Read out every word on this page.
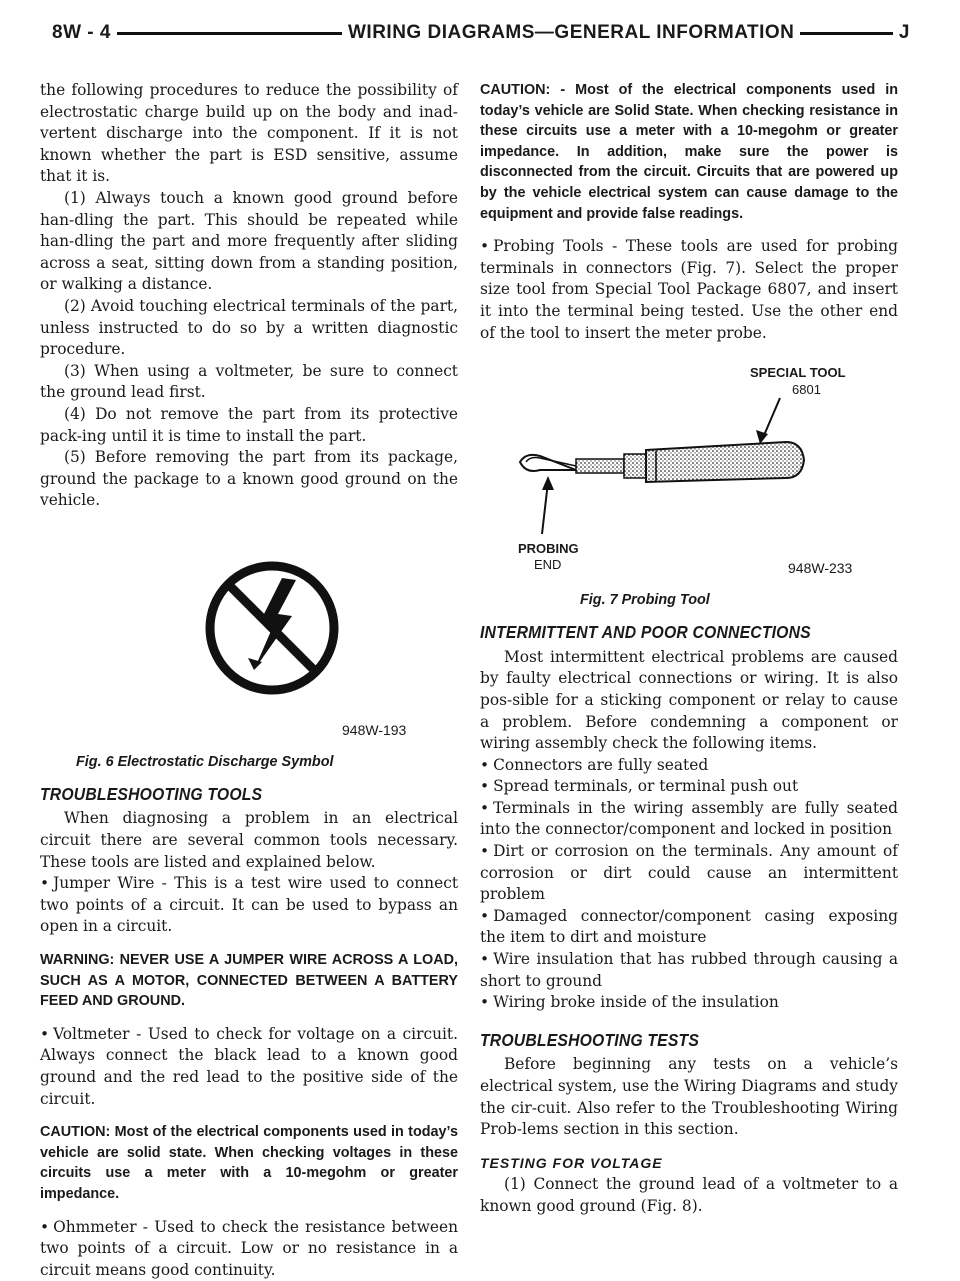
8W - 4	WIRING DIAGRAMS—GENERAL INFORMATION	J

the following procedures to reduce the possibility of electrostatic charge build up on the body and inad-vertent discharge into the component. If it is not known whether the part is ESD sensitive, assume that it is.

(1) Always touch a known good ground before han-dling the part. This should be repeated while han-dling the part and more frequently after sliding across a seat, sitting down from a standing position, or walking a distance.

(2) Avoid touching electrical terminals of the part, unless instructed to do so by a written diagnostic procedure.

(3) When using a voltmeter, be sure to connect the ground lead first.

(4) Do not remove the part from its protective pack-ing until it is time to install the part.

(5) Before removing the part from its package, ground the package to a known good ground on the vehicle.

948W-193
Fig. 6 Electrostatic Discharge Symbol
TROUBLESHOOTING TOOLS

When diagnosing a problem in an electrical circuit there are several common tools necessary. These tools are listed and explained below.

• Jumper Wire - This is a test wire used to connect two points of a circuit. It can be used to bypass an open in a circuit.

WARNING: NEVER USE A JUMPER WIRE ACROSS A LOAD, SUCH AS A MOTOR, CONNECTED BETWEEN A BATTERY FEED AND GROUND.

• Voltmeter - Used to check for voltage on a circuit. Always connect the black lead to a known good ground and the red lead to the positive side of the circuit.

CAUTION: Most of the electrical components used in today’s vehicle are solid state. When checking voltages in these circuits use a meter with a 10-megohm or greater impedance.

• Ohmmeter - Used to check the resistance between two points of a circuit. Low or no resistance in a circuit means good continuity.

CAUTION: - Most of the electrical components used in today’s vehicle are Solid State. When checking resistance in these circuits use a meter with a 10-megohm or greater impedance. In addition, make sure the power is disconnected from the circuit. Circuits that are powered up by the vehicle electrical system can cause damage to the equipment and provide false readings.

• Probing Tools - These tools are used for probing terminals in connectors (Fig. 7). Select the proper size tool from Special Tool Package 6807, and insert it into the terminal being tested. Use the other end of the tool to insert the meter probe.

SPECIAL TOOL
6801
PROBING
END	948W-233
Fig. 7 Probing Tool
INTERMITTENT AND POOR CONNECTIONS

Most intermittent electrical problems are caused by faulty electrical connections or wiring. It is also pos-sible for a sticking component or relay to cause a problem. Before condemning a component or wiring assembly check the following items.

• Connectors are fully seated

• Spread terminals, or terminal push out

• Terminals in the wiring assembly are fully seated into the connector/component and locked in position

• Dirt or corrosion on the terminals. Any amount of corrosion or dirt could cause an intermittent problem

• Damaged connector/component casing exposing the item to dirt and moisture

• Wire insulation that has rubbed through causing a short to ground

• Wiring broke inside of the insulation

TROUBLESHOOTING TESTS

Before beginning any tests on a vehicle’s electrical system, use the Wiring Diagrams and study the cir-cuit. Also refer to the Troubleshooting Wiring Prob-lems section in this section.

TESTING FOR VOLTAGE

(1) Connect the ground lead of a voltmeter to a known good ground (Fig. 8).
